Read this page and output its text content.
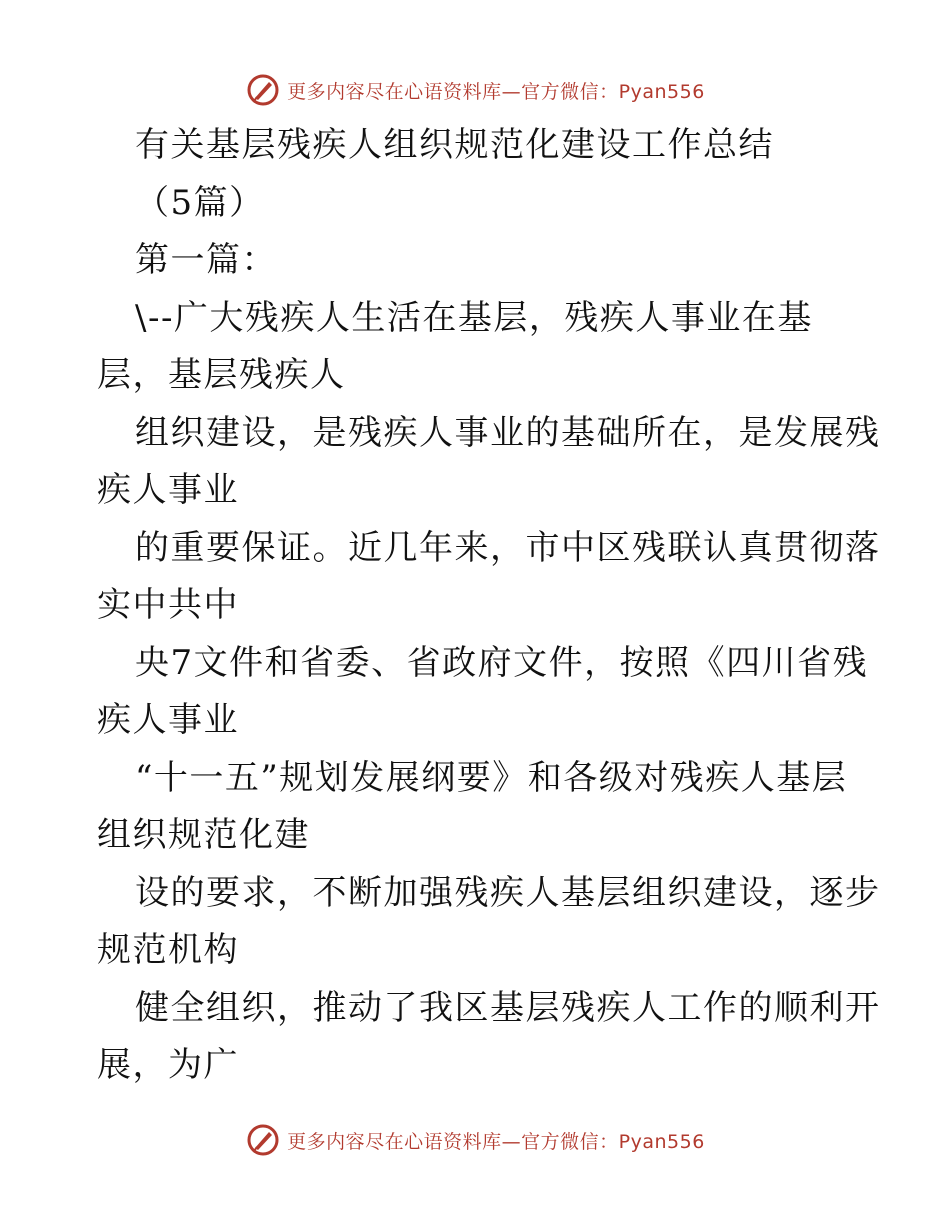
更多内容尽在心语资料库—官方微信：Pyan556
有关基层残疾人组织规范化建设工作总结
（5篇）
第一篇：
\--广大残疾人生活在基层，残疾人事业在基
层，基层残疾人
组织建设，是残疾人事业的基础所在，是发展残
疾人事业
的重要保证。近几年来，市中区残联认真贯彻落
实中共中
央7文件和省委、省政府文件，按照《四川省残
疾人事业
“十一五”规划发展纲要》和各级对残疾人基层
组织规范化建
设的要求，不断加强残疾人基层组织建设，逐步
规范机构
健全组织，推动了我区基层残疾人工作的顺利开
展，为广
更多内容尽在心语资料库—官方微信：Pyan556
